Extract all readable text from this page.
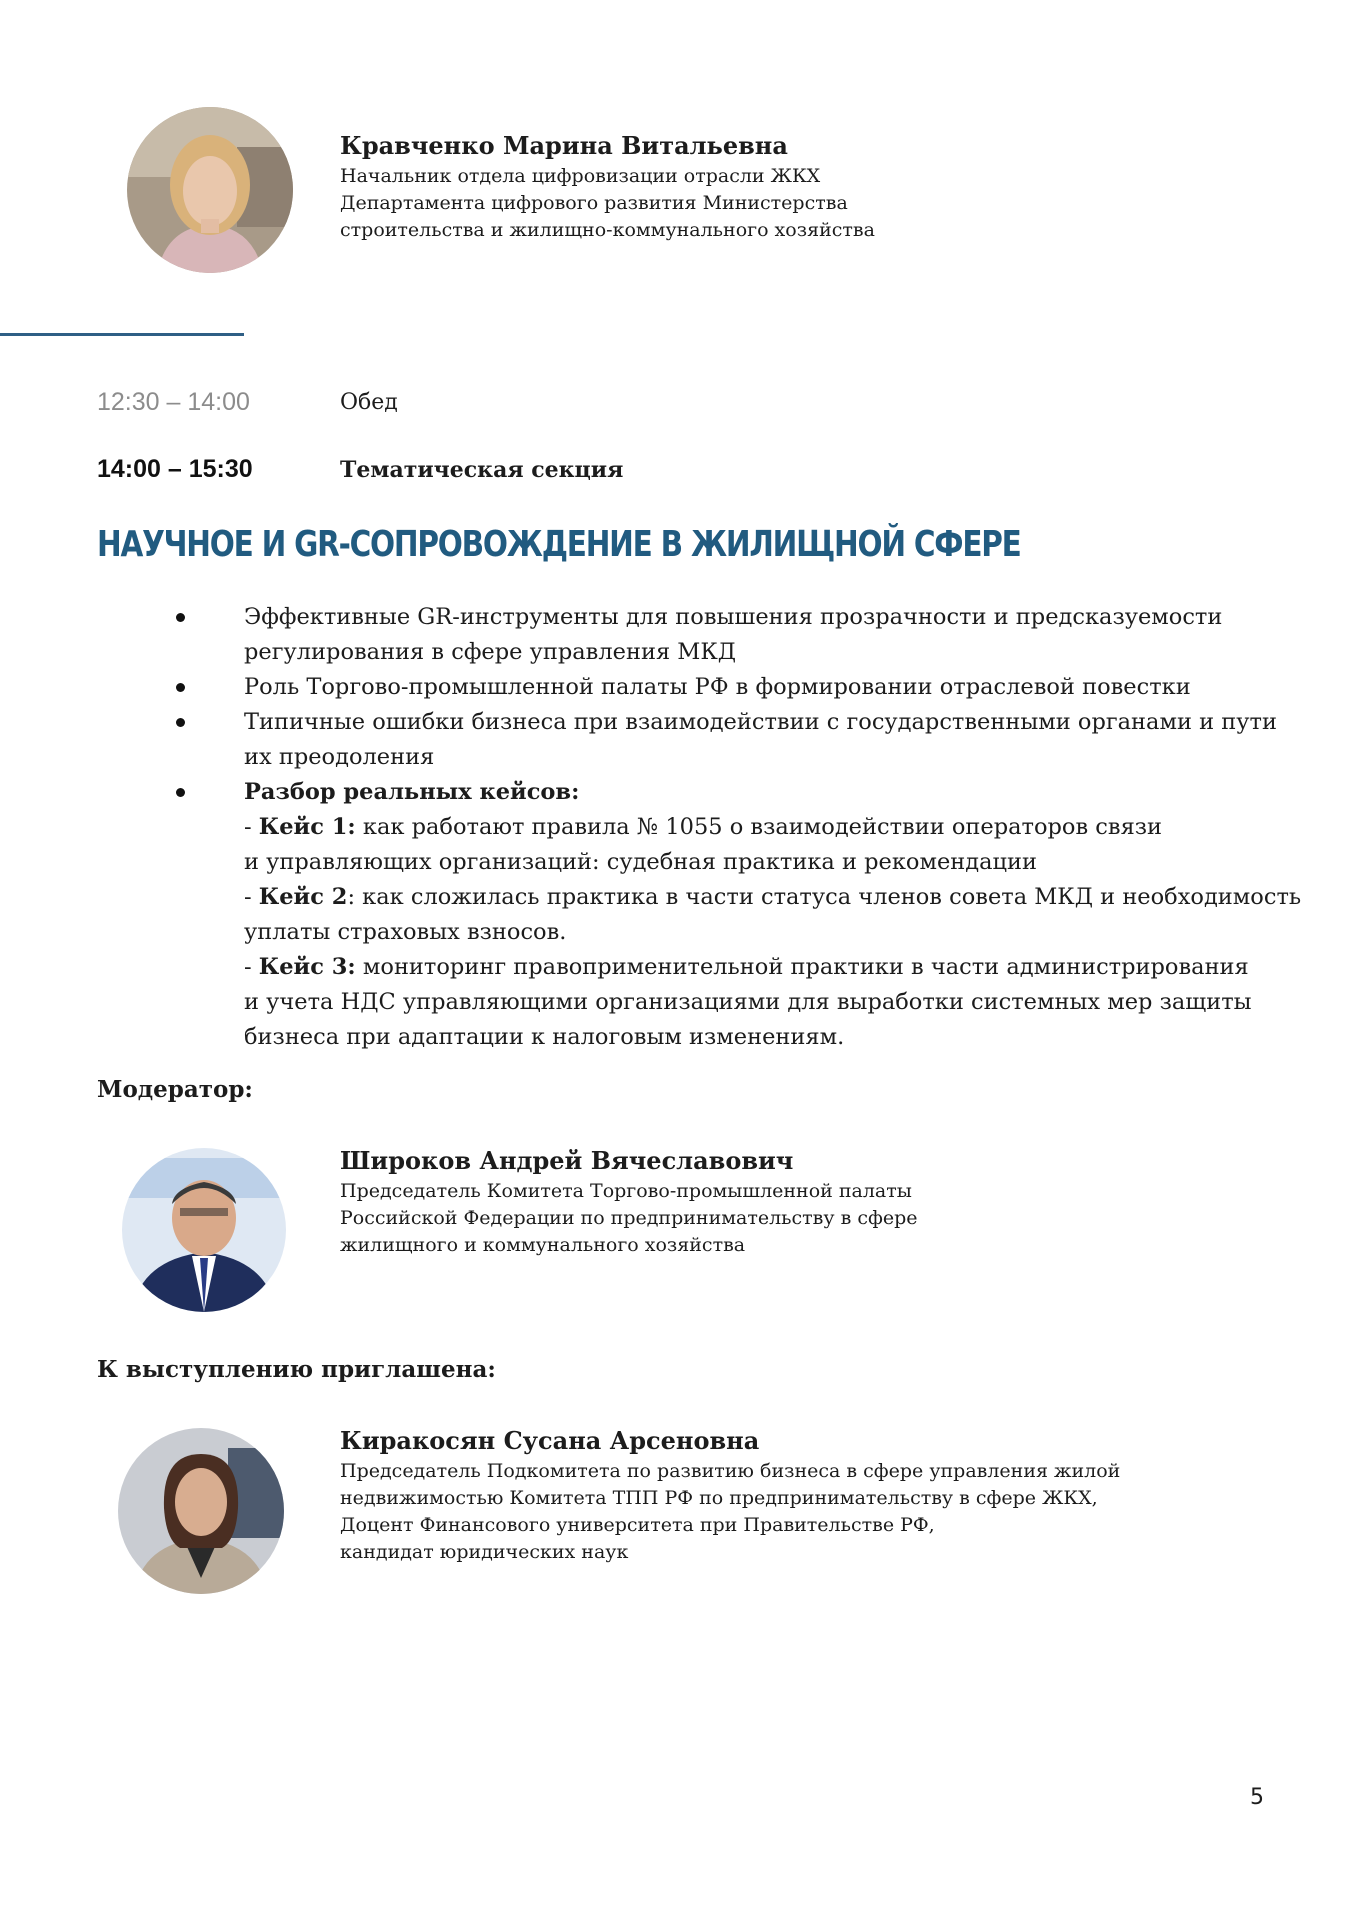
Кравченко Марина Витальевна
Начальник отдела цифровизации отрасли ЖКХ
Департамента цифрового развития Министерства
строительства и жилищно-коммунального хозяйства
12:30 – 14:00	Обед
14:00 – 15:30	Тематическая секция
НАУЧНОЕ И GR-СОПРОВОЖДЕНИЕ В ЖИЛИЩНОЙ СФЕРЕ
Эффективные GR-инструменты для повышения прозрачности и предсказуемости
регулирования в сфере управления МКД
Роль Торгово-промышленной палаты РФ в формировании отраслевой повестки
Типичные ошибки бизнеса при взаимодействии с государственными органами и пути
их преодоления
Разбор реальных кейсов:
- Кейс 1: как работают правила № 1055 о взаимодействии операторов связи
и управляющих организаций: судебная практика и рекомендации
- Кейс 2: как сложилась практика в части статуса членов совета МКД и необходимость
уплаты страховых взносов.
- Кейс 3: мониторинг правоприменительной практики в части администрирования
и учета НДС управляющими организациями для выработки системных мер защиты
бизнеса при адаптации к налоговым изменениям.
Модератор:
Широков Андрей Вячеславович
Председатель Комитета Торгово-промышленной палаты
Российской Федерации по предпринимательству в сфере
жилищного и коммунального хозяйства
К выступлению приглашена:
Киракосян Сусана Арсеновна
Председатель Подкомитета по развитию бизнеса в сфере управления жилой
недвижимостью Комитета ТПП РФ по предпринимательству в сфере ЖКХ,
Доцент Финансового университета при Правительстве РФ,
кандидат юридических наук
5
